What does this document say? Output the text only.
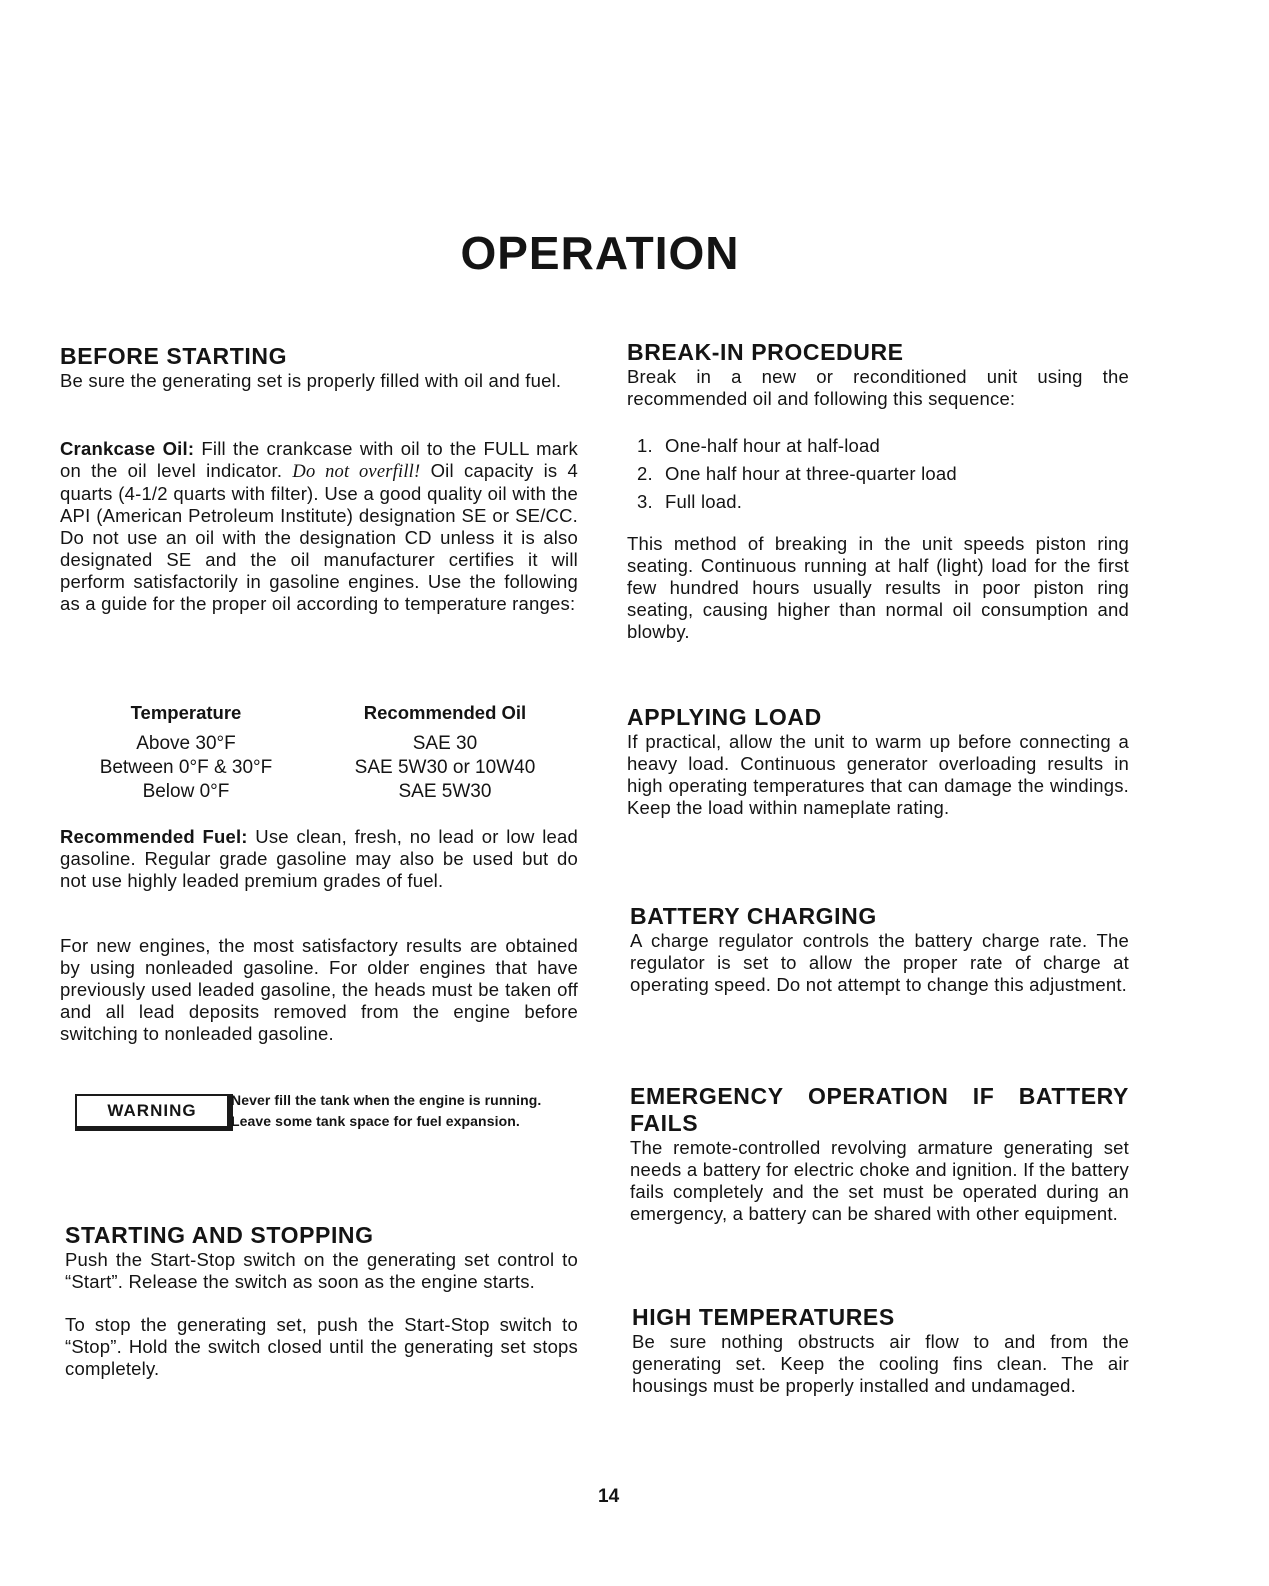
OPERATION
BEFORE STARTING

Be sure the generating set is properly filled with oil and fuel.

Crankcase Oil: Fill the crankcase with oil to the FULL mark on the oil level indicator. Do not overfill! Oil capacity is 4 quarts (4-1/2 quarts with filter). Use a good quality oil with the API (American Petroleum Institute) designation SE or SE/CC. Do not use an oil with the designation CD unless it is also designated SE and the oil manufacturer certifies it will perform satisfactorily in gasoline engines. Use the following as a guide for the proper oil according to temperature ranges:

Temperature	Recommended Oil
Above 30°F	SAE 30
Between 0°F & 30°F	SAE 5W30 or 10W40
Below 0°F	SAE 5W30

Recommended Fuel: Use clean, fresh, no lead or low lead gasoline. Regular grade gasoline may also be used but do not use highly leaded premium grades of fuel.

For new engines, the most satisfactory results are obtained by using nonleaded gasoline. For older engines that have previously used leaded gasoline, the heads must be taken off and all lead deposits removed from the engine before switching to nonleaded gasoline.

WARNING
Never fill the tank when the engine is running.
Leave some tank space for fuel expansion.
STARTING AND STOPPING

Push the Start-Stop switch on the generating set control to “Start”. Release the switch as soon as the engine starts.

To stop the generating set, push the Start-Stop switch to “Stop”. Hold the switch closed until the generating set stops completely.

BREAK-IN PROCEDURE

Break in a new or reconditioned unit using the recommended oil and following this sequence:

1. One-half hour at half-load
2. One half hour at three-quarter load
3. Full load.

This method of breaking in the unit speeds piston ring seating. Continuous running at half (light) load for the first few hundred hours usually results in poor piston ring seating, causing higher than normal oil consumption and blowby.

APPLYING LOAD

If practical, allow the unit to warm up before connecting a heavy load. Continuous generator overloading results in high operating temperatures that can damage the windings. Keep the load within nameplate rating.

BATTERY CHARGING

A charge regulator controls the battery charge rate. The regulator is set to allow the proper rate of charge at operating speed. Do not attempt to change this adjustment.

EMERGENCY OPERATION IF BATTERY
FAILS

The remote-controlled revolving armature generating set needs a battery for electric choke and ignition. If the battery fails completely and the set must be operated during an emergency, a battery can be shared with other equipment.

HIGH TEMPERATURES

Be sure nothing obstructs air flow to and from the generating set. Keep the cooling fins clean. The air housings must be properly installed and undamaged.

14
